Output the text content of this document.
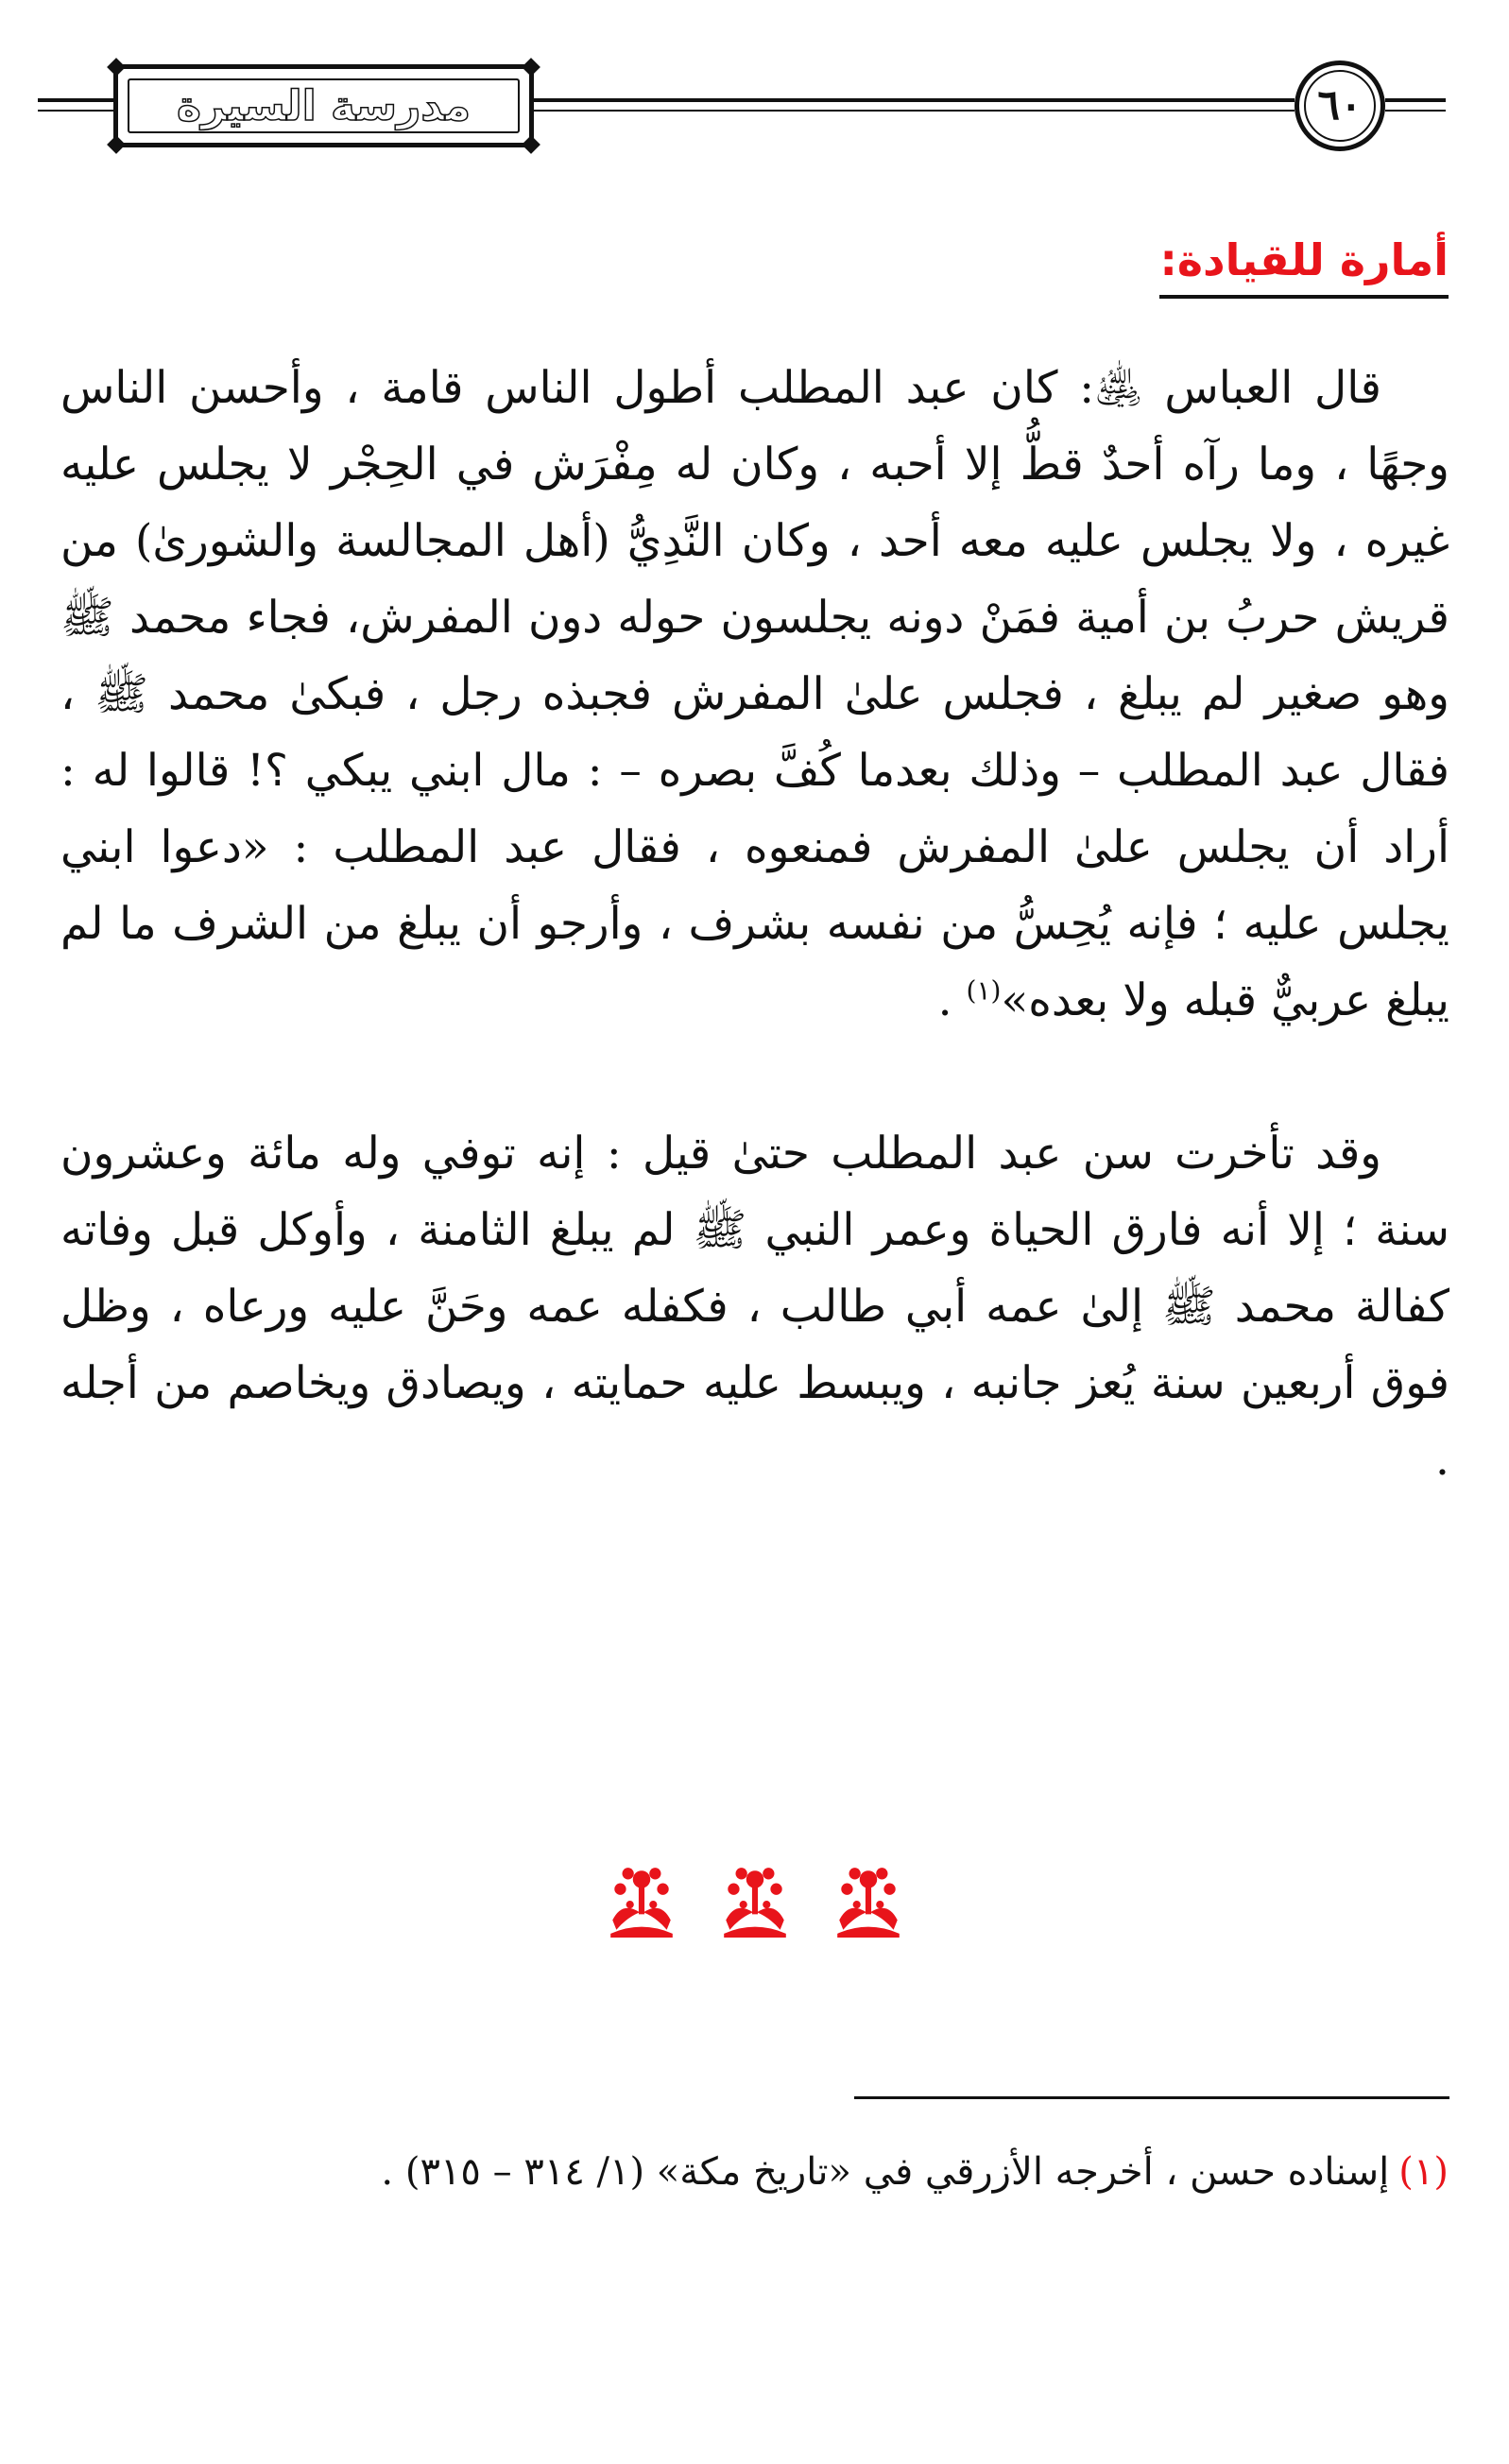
مدرسة السيرة	٦٠
أمارة للقيادة:

قال العباس ﵁: كان عبد المطلب أطول الناس قامة ، وأحسن الناس وجهًا ، وما رآه أحدٌ قطُّ إلا أحبه ، وكان له مِفْرَش في الحِجْر لا يجلس عليه غيره ، ولا يجلس عليه معه أحد ، وكان النَّدِيُّ (أهل المجالسة والشورىٰ) من قريش حربُ بن أمية فمَنْ دونه يجلسون حوله دون المفرش، فجاء محمد ﷺ وهو صغير لم يبلغ ، فجلس علىٰ المفرش فجبذه رجل ، فبكىٰ محمد ﷺ ، فقال عبد المطلب – وذلك بعدما كُفَّ بصره – : مال ابني يبكي ؟! قالوا له : أراد أن يجلس علىٰ المفرش فمنعوه ، فقال عبد المطلب : «دعوا ابني يجلس عليه ؛ فإنه يُحِسُّ من نفسه بشرف ، وأرجو أن يبلغ من الشرف ما لم يبلغ عربيٌّ قبله ولا بعده»$^{(١)}$ .

وقد تأخرت سن عبد المطلب حتىٰ قيل : إنه توفي وله مائة وعشرون سنة ؛ إلا أنه فارق الحياة وعمر النبي ﷺ لم يبلغ الثامنة ، وأوكل قبل وفاته كفالة محمد ﷺ إلىٰ عمه أبي طالب ، فكفله عمه وحَنَّ عليه ورعاه ، وظل فوق أربعين سنة يُعز جانبه ، ويبسط عليه حمايته ، ويصادق ويخاصم من أجله .

(١)إسناده حسن ، أخرجه الأزرقي في «تاريخ مكة» (١/ ٣١٤ – ٣١٥) .
